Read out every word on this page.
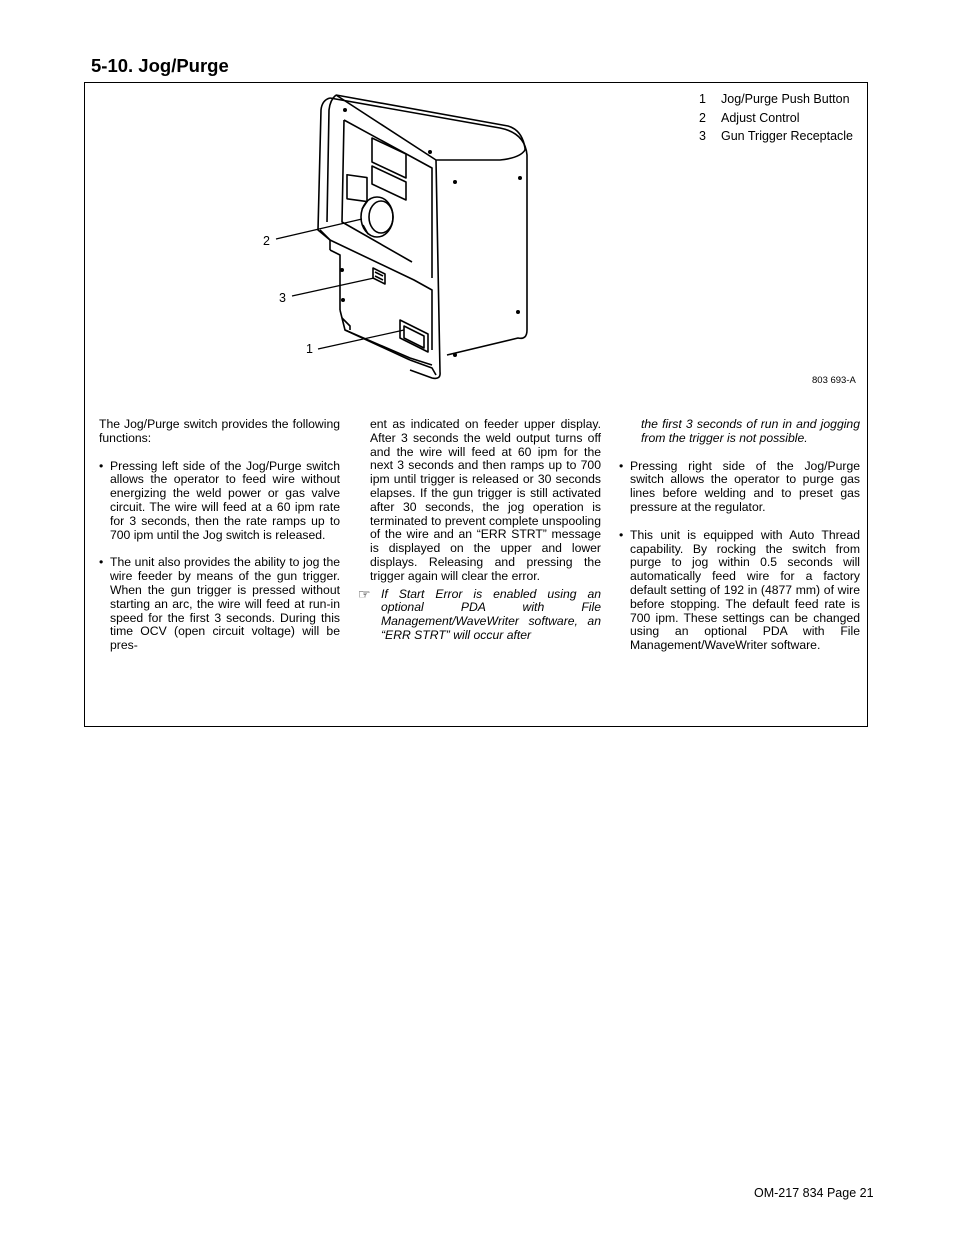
5-10. Jog/Purge
2
3
1
1	Jog/Purge Push Button
2	Adjust Control
3	Gun Trigger Receptacle
803 693-A

The Jog/Purge switch provides the following functions:

• Pressing left side of the Jog/Purge switch allows the operator to feed wire without energizing the weld power or gas valve circuit. The wire will feed at a 60 ipm rate for 3 seconds, then the rate ramps up to 700 ipm until the Jog switch is released.
• The unit also provides the ability to jog the wire feeder by means of the gun trigger. When the gun trigger is pressed without starting an arc, the wire will feed at run-in speed for the first 3 seconds. During this time OCV (open circuit voltage) will be pres-

ent as indicated on feeder upper display. After 3 seconds the weld output turns off and the wire will feed at 60 ipm for the next 3 seconds and then ramps up to 700 ipm until trigger is released or 30 seconds elapses. If the gun trigger is still activated after 30 seconds, the jog operation is terminated to prevent complete unspooling of the wire and an “ERR STRT” message is displayed on the upper and lower displays. Releasing and pressing the trigger again will clear the error.

☞ If Start Error is enabled using an optional PDA with File Management/WaveWriter software, an “ERR STRT” will occur after

the first 3 seconds of run in and jogging from the trigger is not possible.

• Pressing right side of the Jog/Purge switch allows the operator to purge gas lines before welding and to preset gas pressure at the regulator.
• This unit is equipped with Auto Thread capability. By rocking the switch from purge to jog within 0.5 seconds will automatically feed wire for a factory default setting of 192 in (4877 mm) of wire before stopping. The default feed rate is 700 ipm. These settings can be changed using an optional PDA with File Management/WaveWriter software.
OM-217 834 Page 21
